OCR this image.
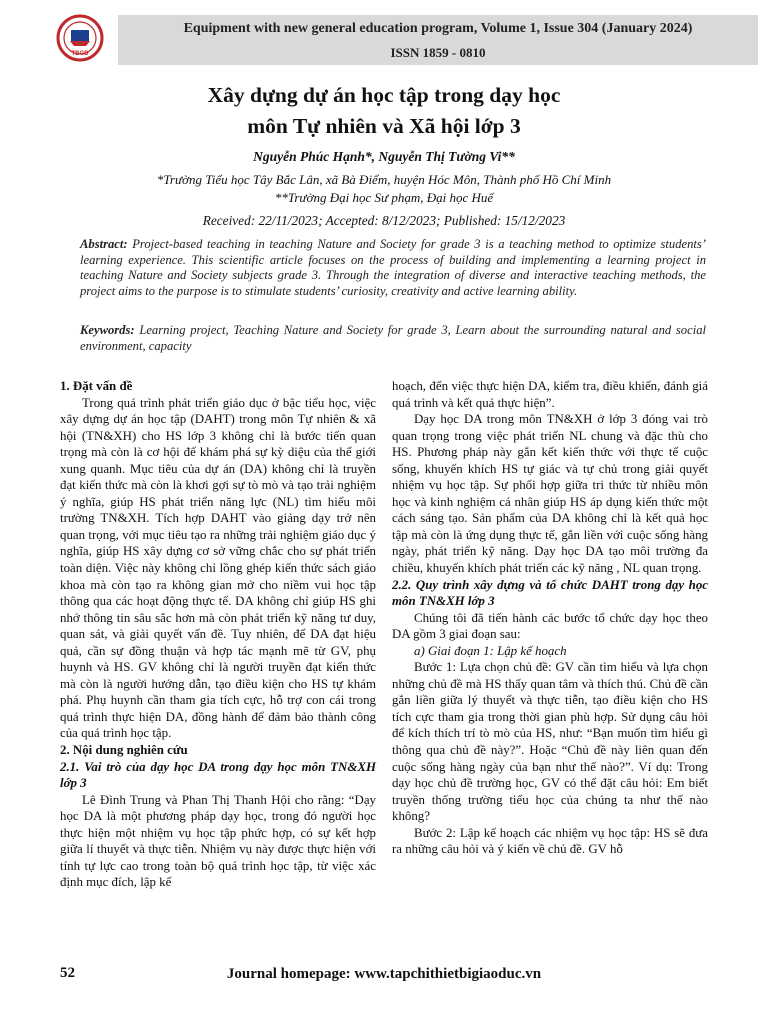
TBGD
Equipment with new general education program, Volume 1, Issue 304 (January 2024)
ISSN 1859 - 0810
Xây dựng dự án học tập trong dạy học
môn Tự nhiên và Xã hội lớp 3
Nguyễn Phúc Hạnh*, Nguyễn Thị Tường Vi**
*Trường Tiểu học Tây Bắc Lân, xã Bà Điểm, huyện Hóc Môn, Thành phố Hồ Chí Minh
**Trường Đại học Sư phạm, Đại học Huế
Received: 22/11/2023; Accepted: 8/12/2023; Published: 15/12/2023
Abstract: Project-based teaching in teaching Nature and Society for grade 3 is a teaching method to optimize students’ learning experience. This scientific article focuses on the process of building and implementing a learning project in teaching Nature and Society subjects grade 3. Through the integration of diverse and interactive teaching methods, the project aims to the purpose is to stimulate students’ curiosity, creativity and active learning ability.
Keywords: Learning project, Teaching Nature and Society for grade 3, Learn about the surrounding natural and social environment, capacity

1. Đặt vấn đề

Trong quá trình phát triển giáo dục ở bậc tiểu học, việc xây dựng dự án học tập (DAHT) trong môn Tự nhiên & xã hội (TN&XH) cho HS lớp 3 không chỉ là bước tiến quan trọng mà còn là cơ hội để khám phá sự kỳ diệu của thế giới xung quanh. Mục tiêu của dự án (DA) không chỉ là truyền đạt kiến thức mà còn là khơi gợi sự tò mò và tạo trải nghiệm ý nghĩa, giúp HS phát triển năng lực (NL) tìm hiểu môi trường TN&XH. Tích hợp DAHT vào giảng dạy trở nên quan trọng, với mục tiêu tạo ra những trải nghiệm giáo dục ý nghĩa, giúp HS xây dựng cơ sở vững chắc cho sự phát triển toàn diện. Việc này không chỉ lồng ghép kiến thức sách giáo khoa mà còn tạo ra không gian mở cho niềm vui học tập thông qua các hoạt động thực tế. DA không chỉ giúp HS ghi nhớ thông tin sâu sắc hơn mà còn phát triển kỹ năng tư duy, quan sát, và giải quyết vấn đề. Tuy nhiên, để DA đạt hiệu quả, cần sự đồng thuận và hợp tác mạnh mẽ từ GV, phụ huynh và HS. GV không chỉ là người truyền đạt kiến thức mà còn là người hướng dẫn, tạo điều kiện cho HS tự khám phá. Phụ huynh cần tham gia tích cực, hỗ trợ con cái trong quá trình thực hiện DA, đồng hành để đảm bảo thành công của quá trình học tập.

2. Nội dung nghiên cứu

2.1. Vai trò của dạy học DA trong dạy học môn TN&XH lớp 3

Lê Đình Trung và Phan Thị Thanh Hội cho rằng: “Dạy học DA là một phương pháp dạy học, trong đó người học thực hiện một nhiệm vụ học tập phức hợp, có sự kết hợp giữa lí thuyết và thực tiễn. Nhiệm vụ này được thực hiện với tính tự lực cao trong toàn bộ quá trình học tập, từ việc xác định mục đích, lập kế

hoạch, đến việc thực hiện DA, kiểm tra, điều khiển, đánh giá quá trình và kết quả thực hiện”.

Dạy học DA trong môn TN&XH ở lớp 3 đóng vai trò quan trọng trong việc phát triển NL chung và đặc thù cho HS. Phương pháp này gắn kết kiến thức với thực tế cuộc sống, khuyến khích HS tự giác và tự chủ trong giải quyết nhiệm vụ học tập. Sự phối hợp giữa tri thức từ nhiều môn học và kinh nghiệm cá nhân giúp HS áp dụng kiến thức một cách sáng tạo. Sản phẩm của DA không chỉ là kết quả học tập mà còn là ứng dụng thực tế, gắn liền với cuộc sống hàng ngày, phát triển kỹ năng. Dạy học DA tạo môi trường đa chiều, khuyến khích phát triển các kỹ năng , NL quan trọng.

2.2. Quy trình xây dựng và tổ chức DAHT trong dạy học môn TN&XH lớp 3

Chúng tôi đã tiến hành các bước tổ chức dạy học theo DA gồm 3 giai đoạn sau:

a) Giai đoạn 1: Lập kế hoạch

Bước 1: Lựa chọn chủ đề: GV cần tìm hiểu và lựa chọn những chủ đề mà HS thấy quan tâm và thích thú. Chủ đề cần gắn liền giữa lý thuyết và thực tiễn, tạo điều kiện cho HS tích cực tham gia trong thời gian phù hợp. Sử dụng câu hỏi để kích thích trí tò mò của HS, như: “Bạn muốn tìm hiểu gì thông qua chủ đề này?”. Hoặc “Chủ đề này liên quan đến cuộc sống hàng ngày của bạn như thế nào?”. Ví dụ: Trong dạy học chủ đề trường học, GV có thể đặt câu hỏi: Em biết truyền thống trường tiểu học của chúng ta như thế nào không?

Bước 2: Lập kế hoạch các nhiệm vụ học tập: HS sẽ đưa ra những câu hỏi và ý kiến về chủ đề. GV hỗ

52	Journal homepage: www.tapchithietbigiaoduc.vn
